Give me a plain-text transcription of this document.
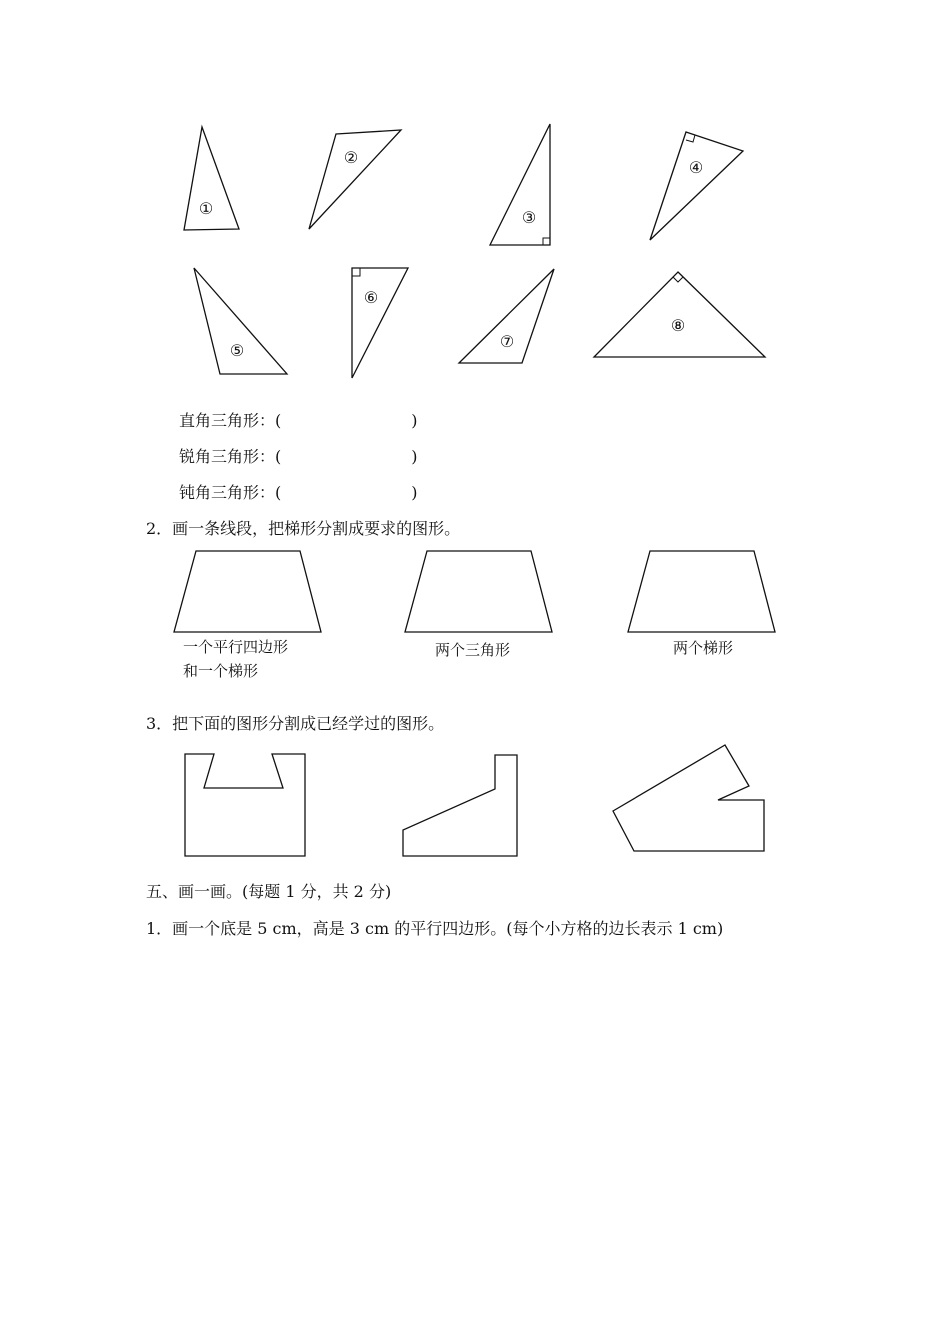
①
②
③
④
⑤
⑥
⑦
⑧
直角三角形：(	)
锐角三角形：(	)
钝角三角形：(	)
2．画一条线段，把梯形分割成要求的图形。
一个平行四边形
和一个梯形
两个三角形	两个梯形
3．把下面的图形分割成已经学过的图形。
五、画一画。(每题 1 分，共 2 分)
1．画一个底是 5 cm，高是 3 cm 的平行四边形。(每个小方格的边长表示 1 cm)
